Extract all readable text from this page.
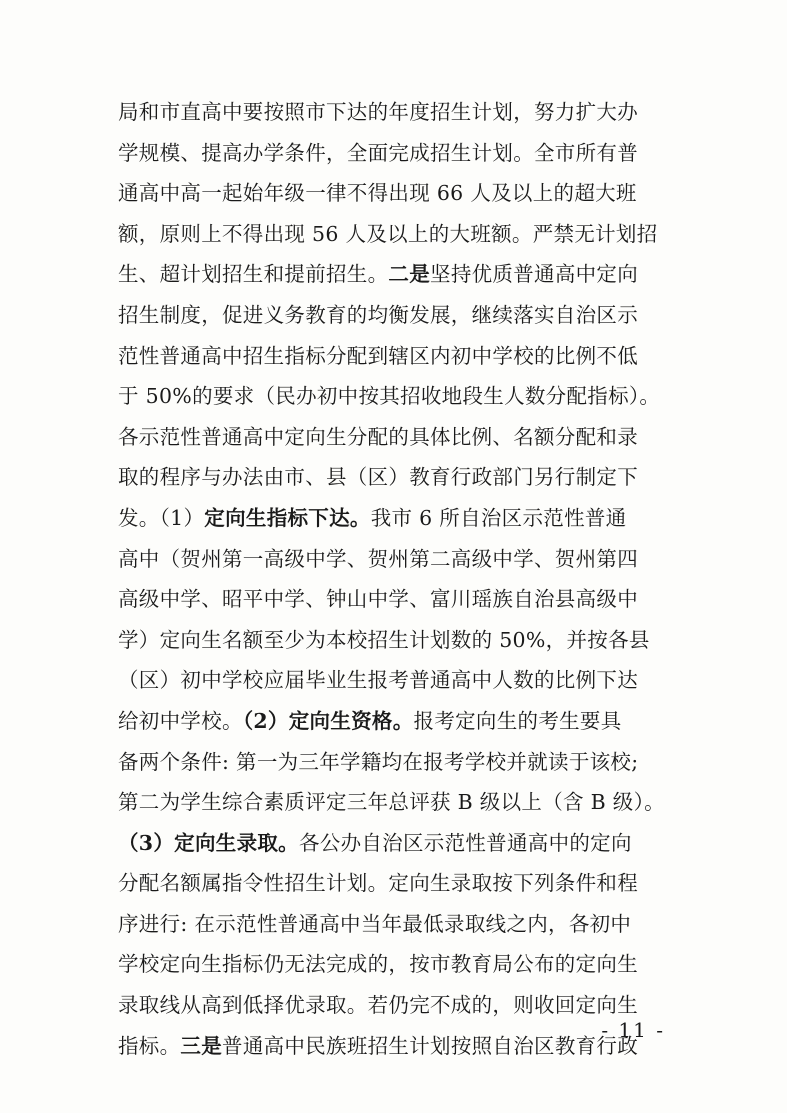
局和市直高中要按照市下达的年度招生计划，努力扩大办
学规模、提高办学条件，全面完成招生计划。全市所有普
通高中高一起始年级一律不得出现 66 人及以上的超大班
额，原则上不得出现 56 人及以上的大班额。严禁无计划招
生、超计划招生和提前招生。二是坚持优质普通高中定向
招生制度，促进义务教育的均衡发展，继续落实自治区示
范性普通高中招生指标分配到辖区内初中学校的比例不低
于 50%的要求（民办初中按其招收地段生人数分配指标）。
各示范性普通高中定向生分配的具体比例、名额分配和录
取的程序与办法由市、县（区）教育行政部门另行制定下
发。（1）定向生指标下达。我市 6 所自治区示范性普通
高中（贺州第一高级中学、贺州第二高级中学、贺州第四
高级中学、昭平中学、钟山中学、富川瑶族自治县高级中
学）定向生名额至少为本校招生计划数的 50%，并按各县
（区）初中学校应届毕业生报考普通高中人数的比例下达
给初中学校。（2）定向生资格。报考定向生的考生要具
备两个条件: 第一为三年学籍均在报考学校并就读于该校;
第二为学生综合素质评定三年总评获 B 级以上（含 B 级）。
（3）定向生录取。各公办自治区示范性普通高中的定向
分配名额属指令性招生计划。定向生录取按下列条件和程
序进行: 在示范性普通高中当年最低录取线之内，各初中
学校定向生指标仍无法完成的，按市教育局公布的定向生
录取线从高到低择优录取。若仍完不成的，则收回定向生
指标。三是普通高中民族班招生计划按照自治区教育行政
- 11 -
